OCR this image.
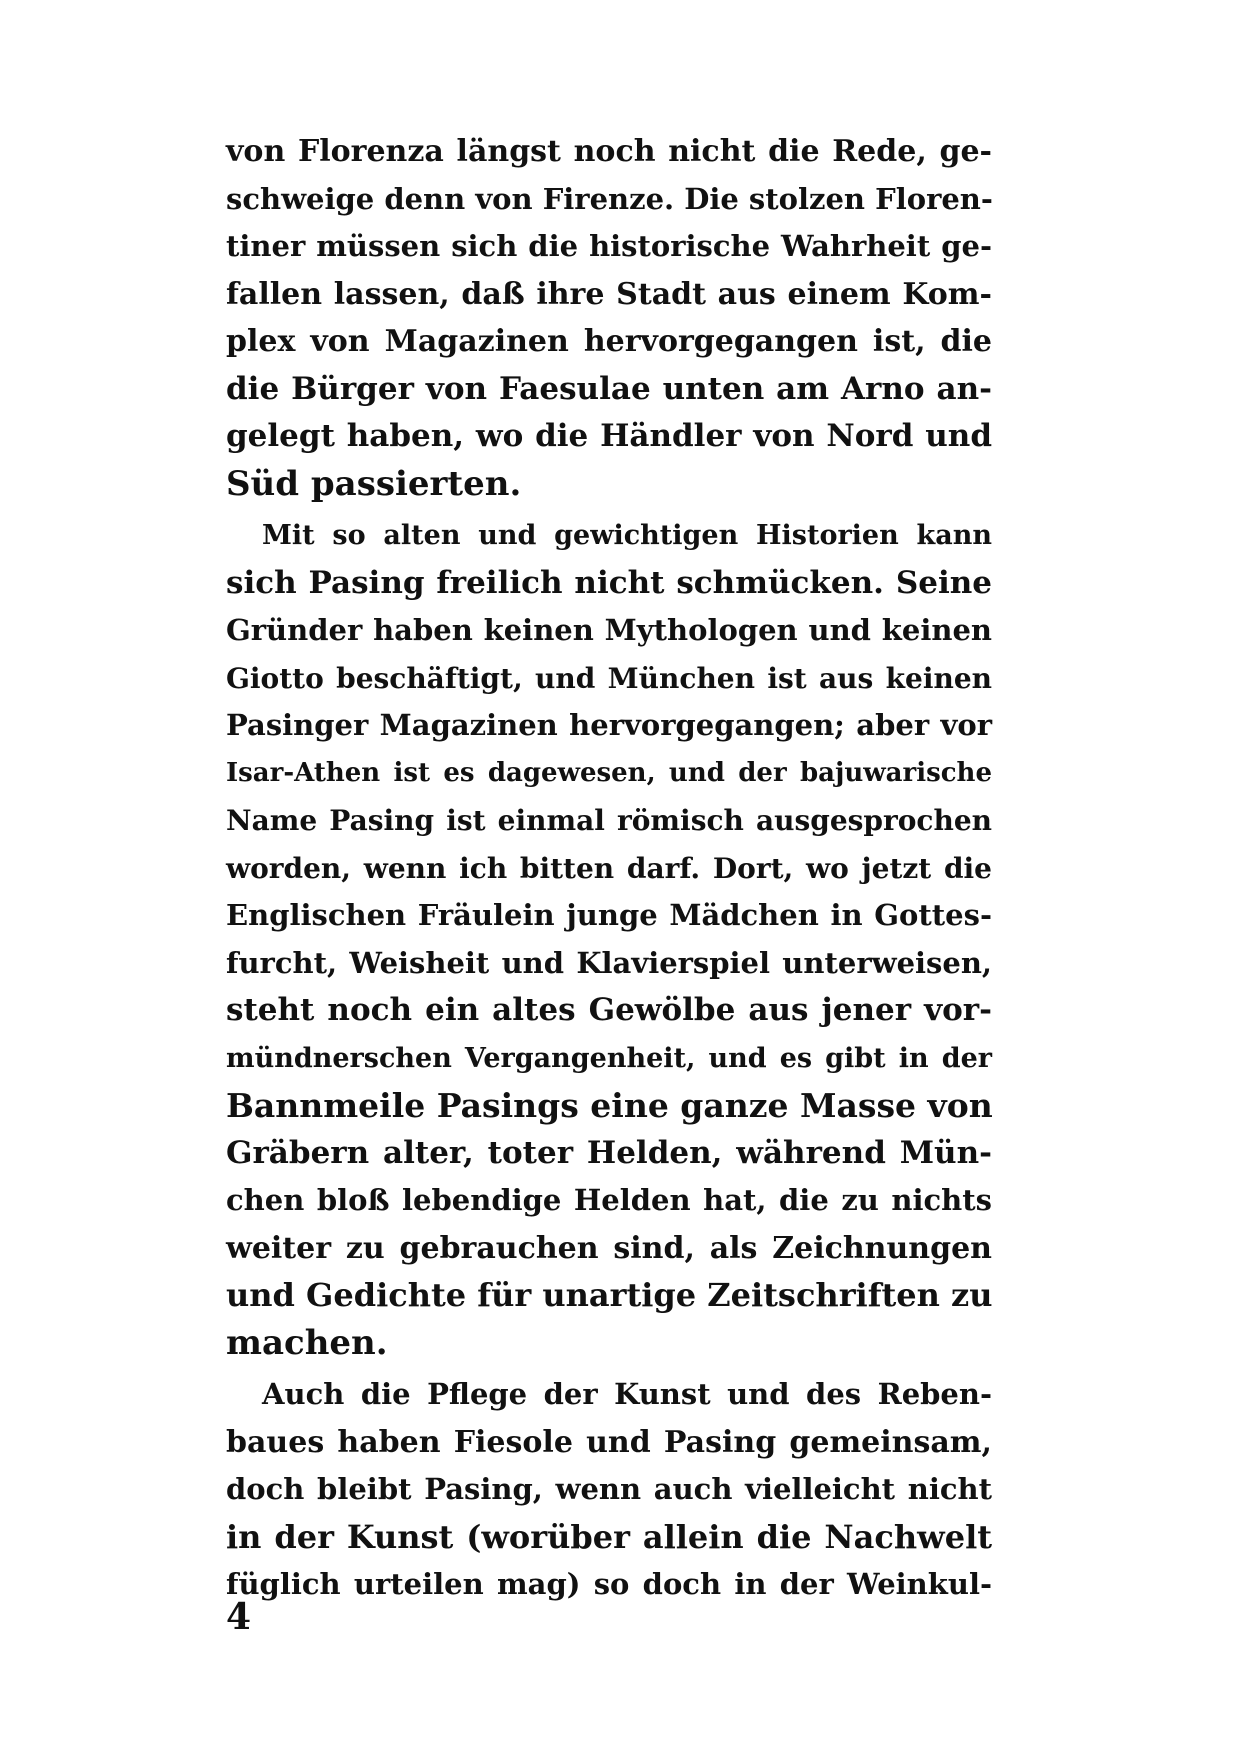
von Florenza längst noch nicht die Rede, ge-
schweige denn von Firenze. Die stolzen Floren-
tiner müssen sich die historische Wahrheit ge-
fallen lassen, daß ihre Stadt aus einem Kom-
plex von Magazinen hervorgegangen ist, die
die Bürger von Faesulae unten am Arno an-
gelegt haben, wo die Händler von Nord und
Süd passierten.
Mit so alten und gewichtigen Historien kann
sich Pasing freilich nicht schmücken. Seine
Gründer haben keinen Mythologen und keinen
Giotto beschäftigt, und München ist aus keinen
Pasinger Magazinen hervorgegangen; aber vor
Isar-Athen ist es dagewesen, und der bajuwarische
Name Pasing ist einmal römisch ausgesprochen
worden, wenn ich bitten darf. Dort, wo jetzt die
Englischen Fräulein junge Mädchen in Gottes-
furcht, Weisheit und Klavierspiel unterweisen,
steht noch ein altes Gewölbe aus jener vor-
mündnerschen Vergangenheit, und es gibt in der
Bannmeile Pasings eine ganze Masse von
Gräbern alter, toter Helden, während Mün-
chen bloß lebendige Helden hat, die zu nichts
weiter zu gebrauchen sind, als Zeichnungen
und Gedichte für unartige Zeitschriften zu
machen.
Auch die Pflege der Kunst und des Reben-
baues haben Fiesole und Pasing gemeinsam,
doch bleibt Pasing, wenn auch vielleicht nicht
in der Kunst (worüber allein die Nachwelt
füglich urteilen mag) so doch in der Weinkul-
4
